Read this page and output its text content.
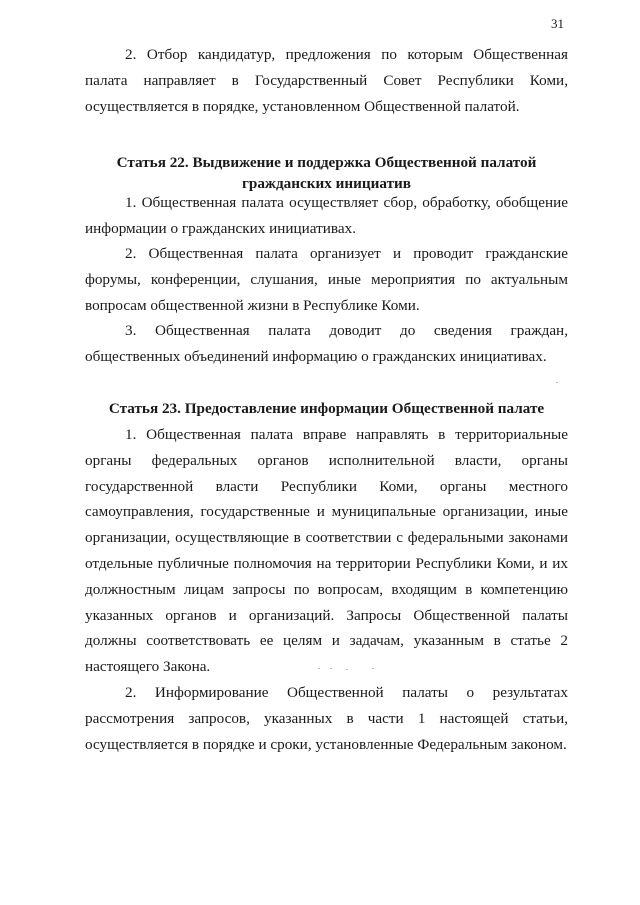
31

2. Отбор кандидатур, предложения по которым Общественная палата направляет в Государственный Совет Республики Коми, осуществляется в порядке, установленном Общественной палатой.

Статья 22. Выдвижение и поддержка Общественной палатой
гражданских инициатив

1. Общественная палата осуществляет сбор, обработку, обобщение информации о гражданских инициативах.

2. Общественная палата организует и проводит гражданские форумы, конференции, слушания, иные мероприятия по актуальным вопросам общественной жизни в Республике Коми.

3. Общественная палата доводит до сведения граждан, общественных объединений информацию о гражданских инициативах.

Статья 23. Предоставление информации Общественной палате

1. Общественная палата вправе направлять в территориальные органы федеральных органов исполнительной власти, органы государственной власти Республики Коми, органы местного самоуправления, государственные и муниципальные организации, иные организации, осуществляющие в соответствии с федеральными законами отдельные публичные полномочия на территории Республики Коми, и их должностным лицам запросы по вопросам, входящим в компетенцию указанных органов и организаций. Запросы Общественной палаты должны соответствовать ее целям и задачам, указанным в статье 2 настоящего Закона.

2. Информирование Общественной палаты о результатах рассмотрения запросов, указанных в части 1 настоящей статьи, осуществляется в порядке и сроки, установленные Федеральным законом.
